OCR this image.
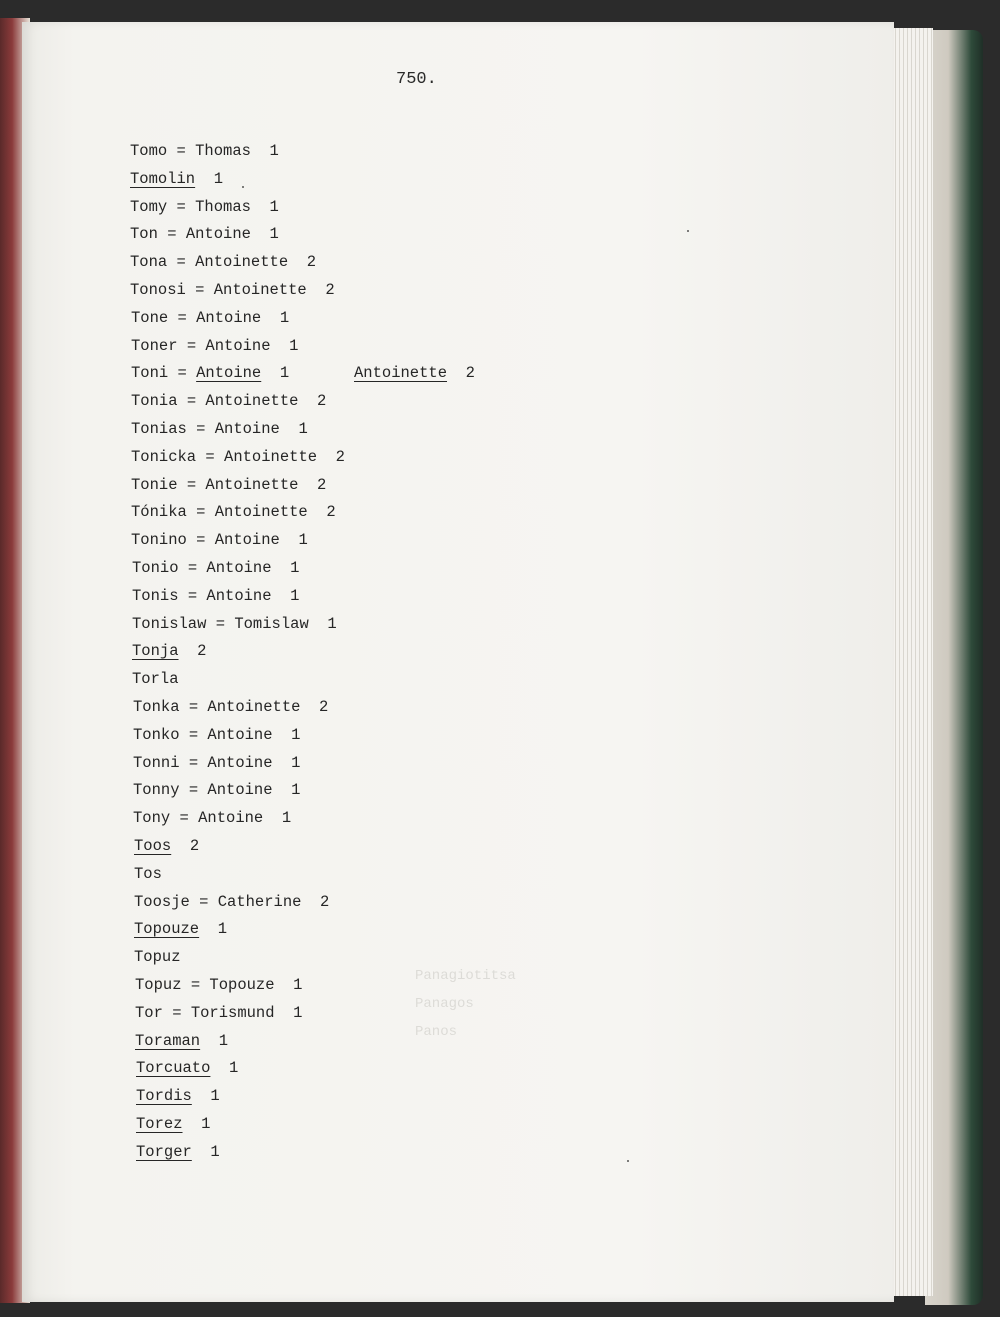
Panagiotitsa
Panagos
Panos
750.
Tomo = Thomas 1
Tomolin 1
Tomy = Thomas 1
Ton = Antoine 1
Tona = Antoinette 2
Tonosi = Antoinette 2
Tone = Antoine 1
Toner = Antoine 1
Toni = Antoine 1	Antoinette 2
Tonia = Antoinette 2
Tonias = Antoine 1
Tonicka = Antoinette 2
Tonie = Antoinette 2
Tónika = Antoinette 2
Tonino = Antoine 1
Tonio = Antoine 1
Tonis = Antoine 1
Tonislaw = Tomislaw 1
Tonja 2
Torla
Tonka = Antoinette 2
Tonko = Antoine 1
Tonni = Antoine 1
Tonny = Antoine 1
Tony = Antoine 1
Toos 2
Tos
Toosje = Catherine 2
Topouze 1
Topuz
Topuz = Topouze 1
Tor = Torismund 1
Toraman 1
Torcuato 1
Tordis 1
Torez 1
Torger 1
